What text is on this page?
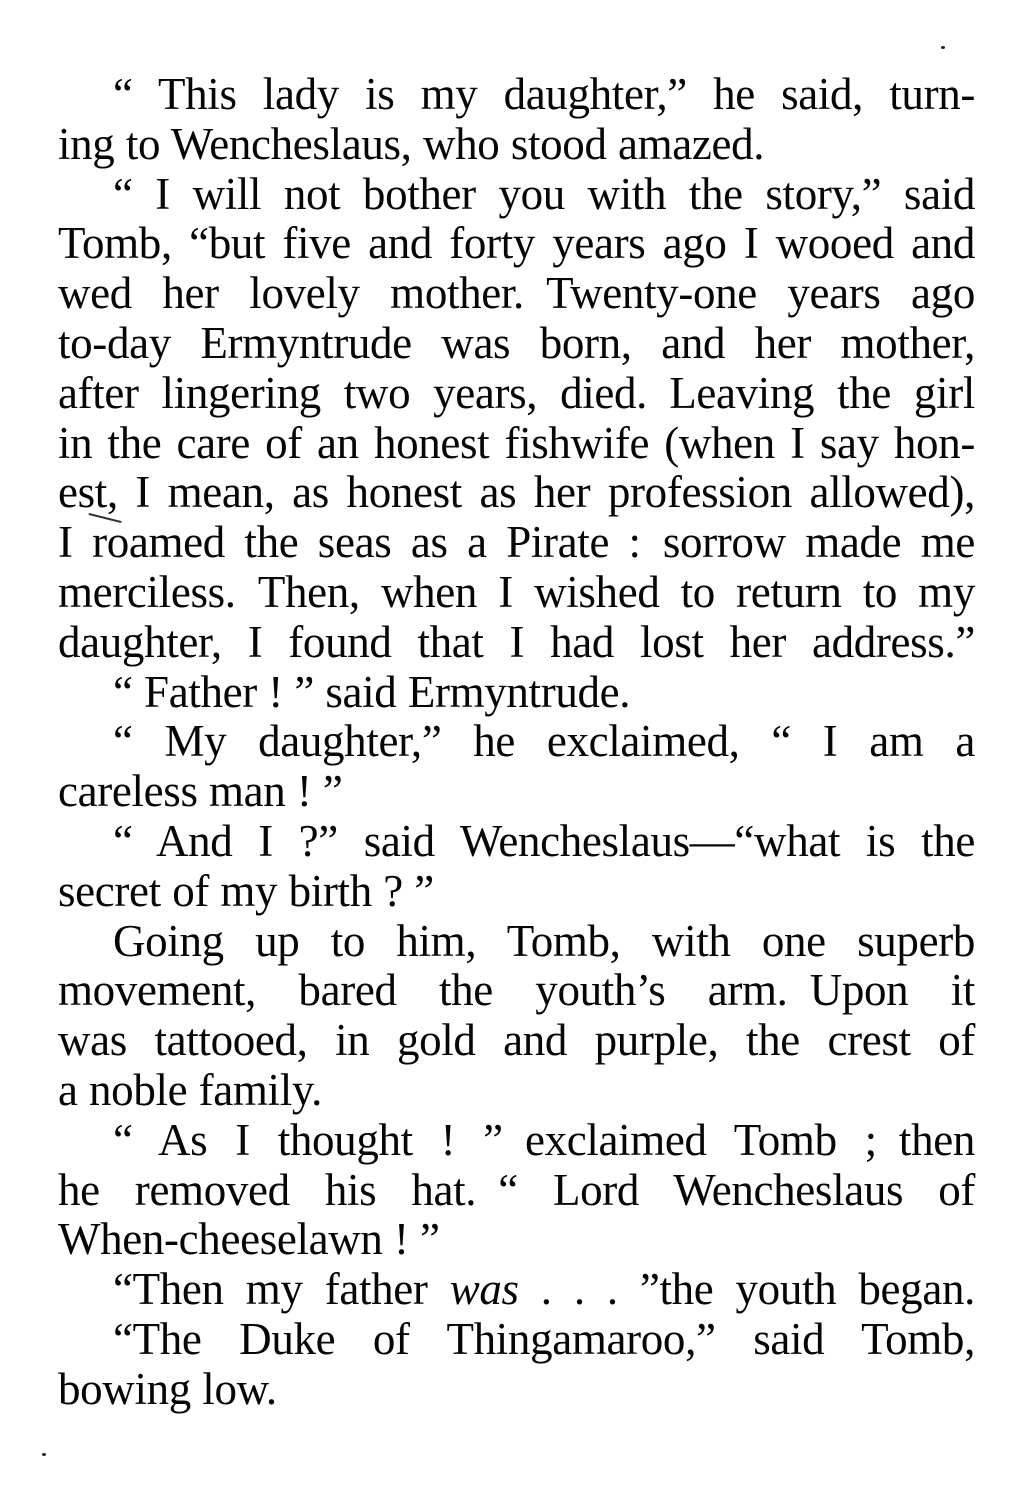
“ This lady is my daughter,” he said, turn-
ing to Wencheslaus, who stood amazed.
“ I will not bother you with the story,” said
Tomb, “but five and forty years ago I wooed and
wed her lovely mother. Twenty-one years ago
to-day Ermyntrude was born, and her mother,
after lingering two years, died. Leaving the girl
in the care of an honest fishwife (when I say hon-
est, I mean, as honest as her profession allowed),
I roamed the seas as a Pirate : sorrow made me
merciless. Then, when I wished to return to my
daughter, I found that I had lost her address.”
“ Father ! ” said Ermyntrude.
“ My daughter,” he exclaimed, “ I am a
careless man ! ”
“ And I ?” said Wencheslaus—“what is the
secret of my birth ? ”
Going up to him, Tomb, with one superb
movement, bared the youth’s arm. Upon it
was tattooed, in gold and purple, the crest of
a noble family.
“ As I thought ! ” exclaimed Tomb ; then
he removed his hat. “ Lord Wencheslaus of
When-cheeselawn ! ”
“Then my father was . . . ”the youth began.
“The Duke of Thingamaroo,” said Tomb,
bowing low.
